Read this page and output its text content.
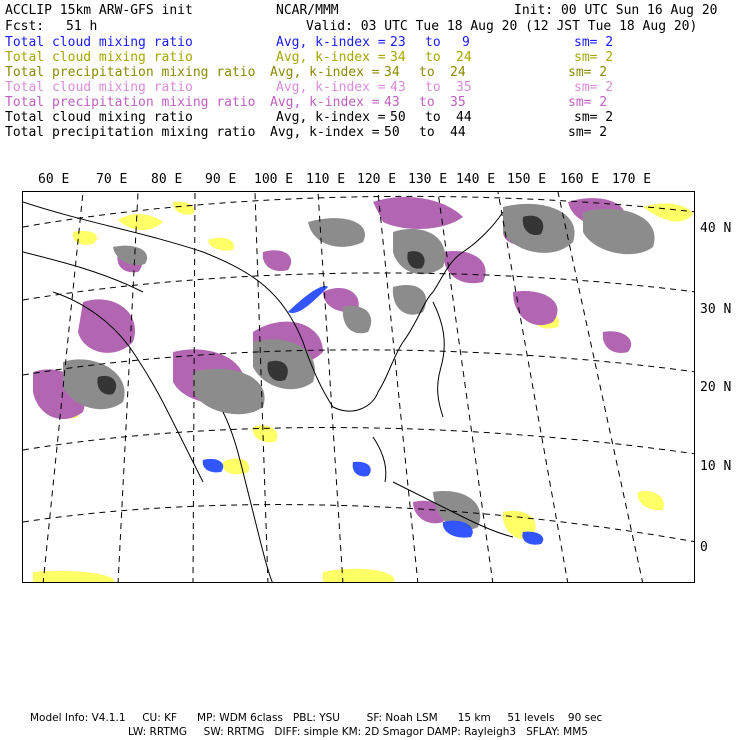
ACCLIP 15km ARW-GFS init	NCAR/MMM	Init: 00 UTC Sun 16 Aug 20
Fcst: 51 h	Valid: 03 UTC Tue 18 Aug 20 (12 JST Tue 18 Aug 20)
Total cloud mixing ratio	Avg, k-index = 23 to 9	sm= 2
Total cloud mixing ratio	Avg, k-index = 34 to 24	sm= 2
Total precipitation mixing ratio Avg, k-index = 34 to 24	sm= 2
Total cloud mixing ratio	Avg, k-index = 43 to 35	sm= 2
Total precipitation mixing ratio Avg, k-index = 43 to 35	sm= 2
Total cloud mixing ratio	Avg, k-index = 50 to 44	sm= 2
Total precipitation mixing ratio Avg, k-index = 50 to 44	sm= 2
60 E 70 E 80 E 90 E 100 E 110 E 120 E 130 E 140 E 150 E 160 E 170 E
40 N
30 N
20 N
10 N
0
Model Info: V4.1.1     CU: KF      MP: WDM 6class   PBL: YSU        SF: Noah LSM      15 km     51 levels    90 sec
LW: RRTMG     SW: RRTMG   DIFF: simple KM: 2D Smagor DAMP: Rayleigh3   SFLAY: MM5
